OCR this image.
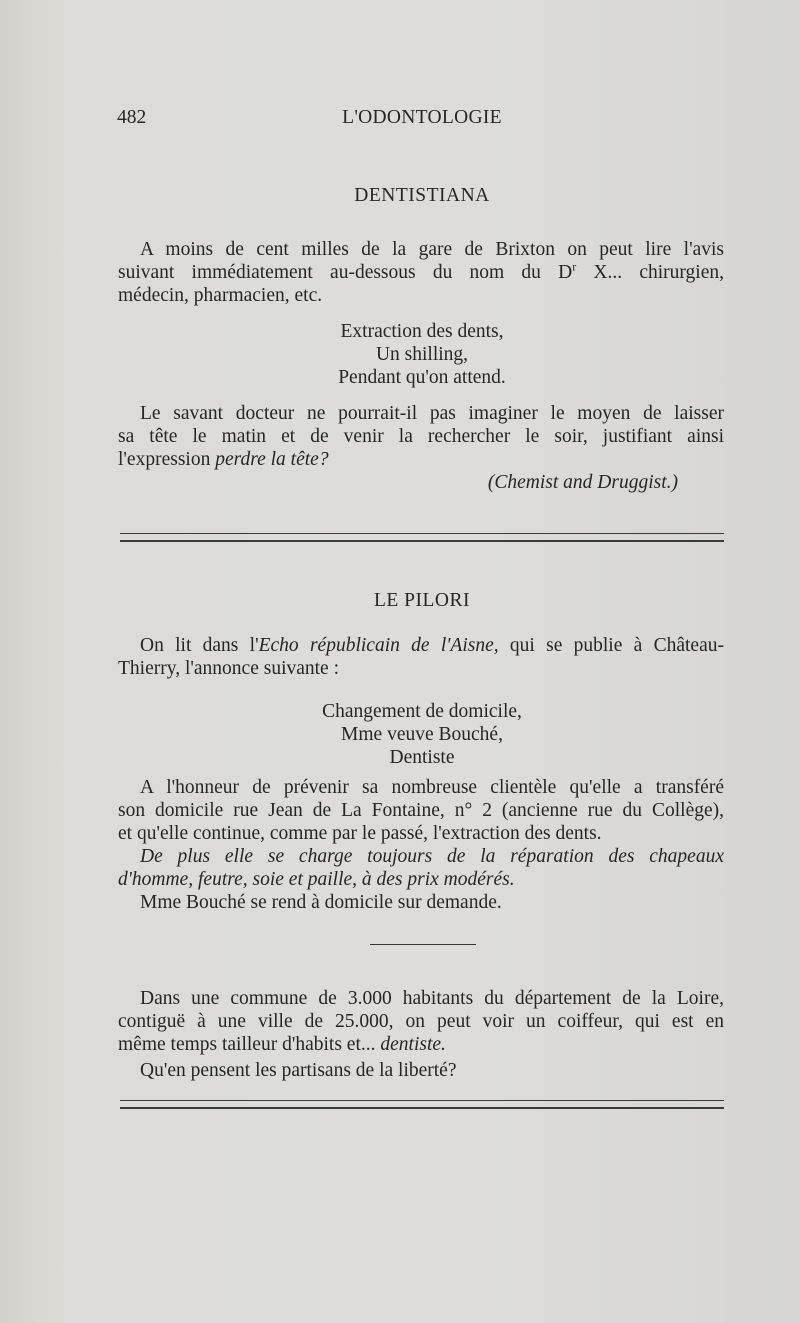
482	L'ODONTOLOGIE
DENTISTIANA
A moins de cent milles de la gare de Brixton on peut lire l'avis
suivant immédiatement au-dessous du nom du $D^r$ X... chirurgien,
médecin, pharmacien, etc.
Extraction des dents,
Un shilling,
Pendant qu'on attend.
Le savant docteur ne pourrait-il pas imaginer le moyen de laisser
sa tête le matin et de venir la rechercher le soir, justifiant ainsi
l'expression perdre la tête?
(Chemist and Druggist.)
LE PILORI
On lit dans l'Echo républicain de l'Aisne, qui se publie à Château-
Thierry, l'annonce suivante :
Changement de domicile,
Mme veuve Bouché,
Dentiste
A l'honneur de prévenir sa nombreuse clientèle qu'elle a transféré
son domicile rue Jean de La Fontaine, n° 2 (ancienne rue du Collège),
et qu'elle continue, comme par le passé, l'extraction des dents.
De plus elle se charge toujours de la réparation des chapeaux
d'homme, feutre, soie et paille, à des prix modérés.
Mme Bouché se rend à domicile sur demande.
Dans une commune de 3.000 habitants du département de la Loire,
contiguë à une ville de 25.000, on peut voir un coiffeur, qui est en
même temps tailleur d'habits et... dentiste.
Qu'en pensent les partisans de la liberté?
